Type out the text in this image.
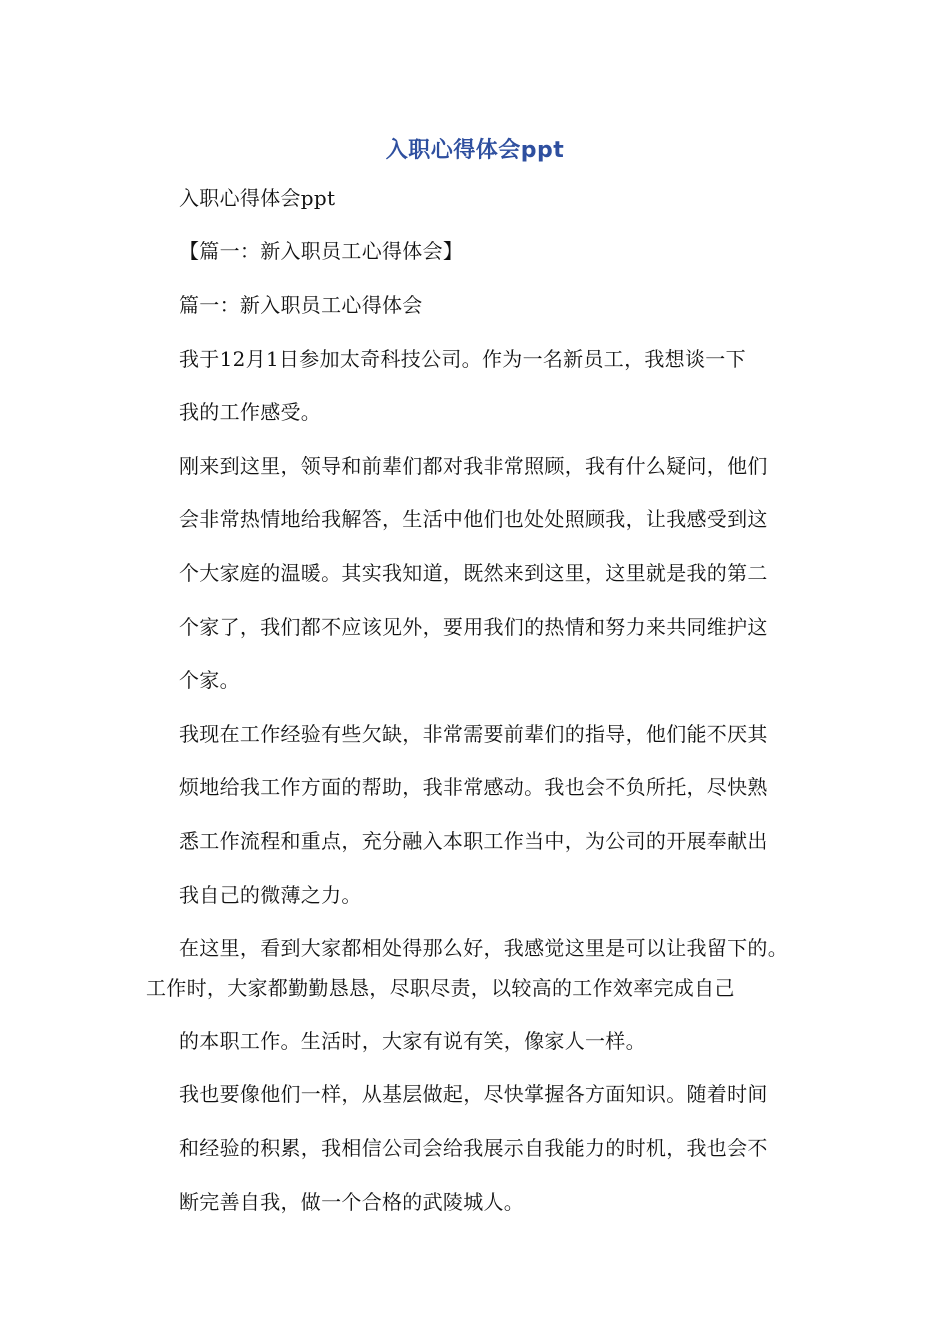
入职心得体会ppt
入职心得体会ppt
【篇一：新入职员工心得体会】
篇一：新入职员工心得体会
我于12月1日参加太奇科技公司。作为一名新员工，我想谈一下
我的工作感受。
刚来到这里，领导和前辈们都对我非常照顾，我有什么疑问，他们
会非常热情地给我解答，生活中他们也处处照顾我，让我感受到这
个大家庭的温暖。其实我知道，既然来到这里，这里就是我的第二
个家了，我们都不应该见外，要用我们的热情和努力来共同维护这
个家。
我现在工作经验有些欠缺，非常需要前辈们的指导，他们能不厌其
烦地给我工作方面的帮助，我非常感动。我也会不负所托，尽快熟
悉工作流程和重点，充分融入本职工作当中，为公司的开展奉献出
我自己的微薄之力。
在这里，看到大家都相处得那么好，我感觉这里是可以让我留下的。
工作时，大家都勤勤恳恳，尽职尽责，以较高的工作效率完成自己
的本职工作。生活时，大家有说有笑，像家人一样。
我也要像他们一样，从基层做起，尽快掌握各方面知识。随着时间
和经验的积累，我相信公司会给我展示自我能力的时机，我也会不
断完善自我，做一个合格的武陵城人。
